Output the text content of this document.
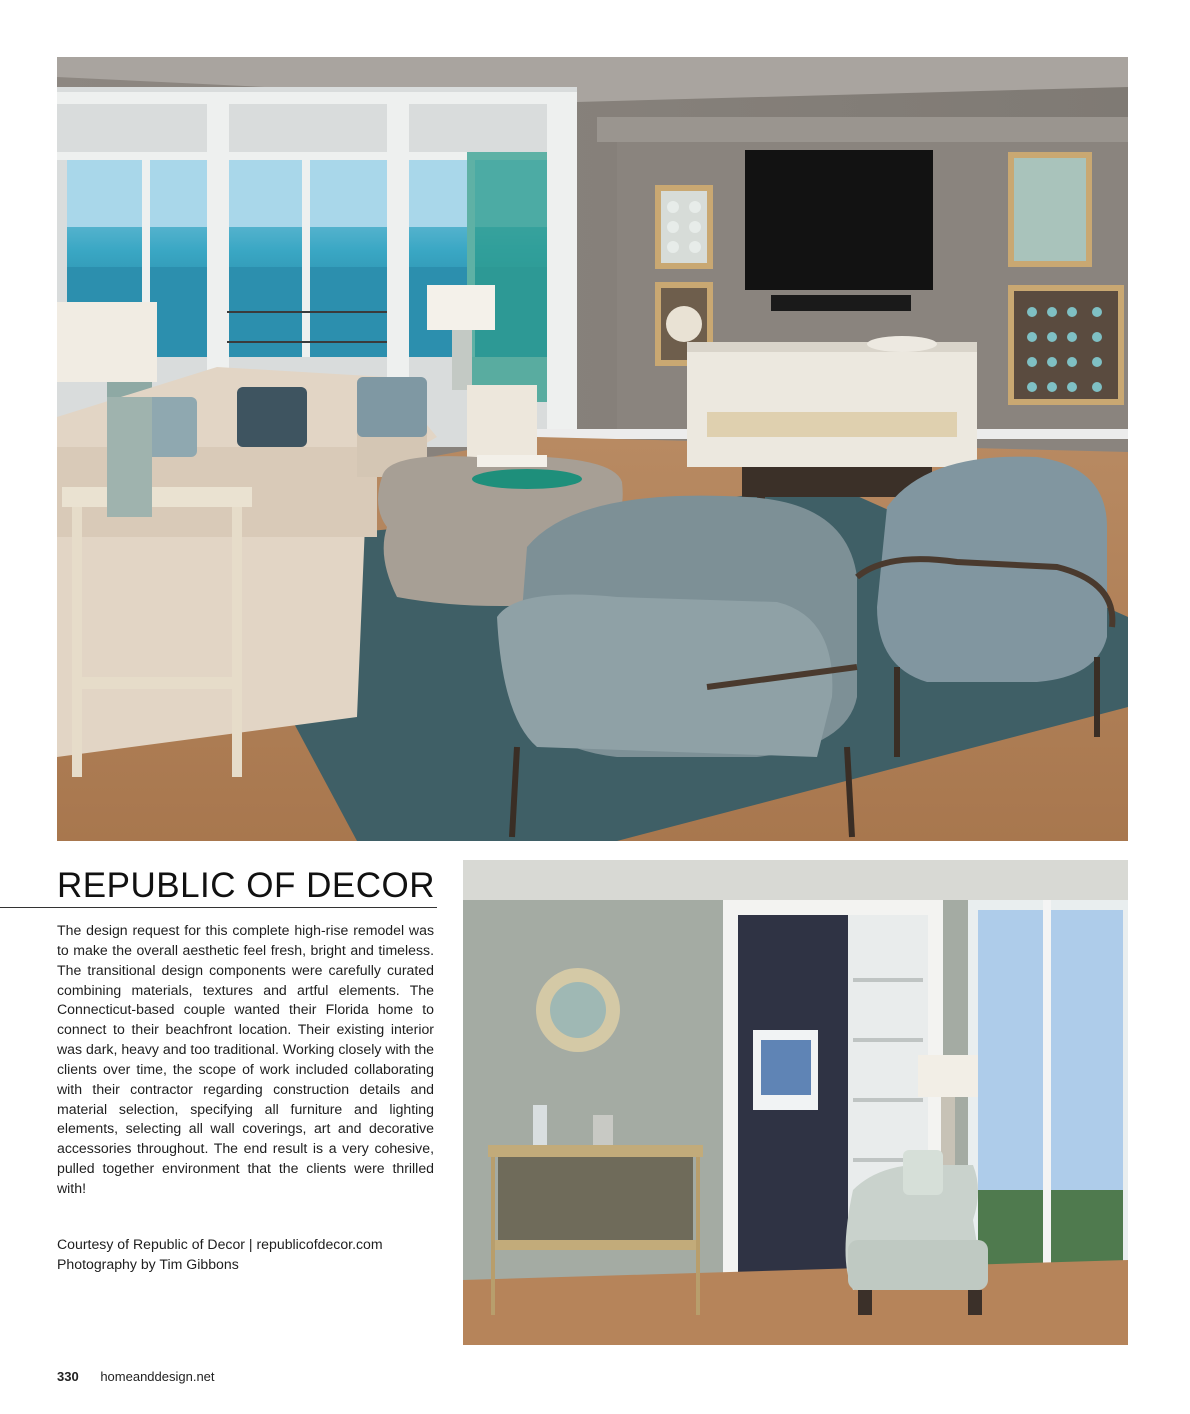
REPUBLIC OF DECOR

The design request for this complete high-rise remodel was to make the overall aesthetic feel fresh, bright and timeless. The transitional design components were carefully curated combining materials, textures and artful elements. The Connecticut-based couple wanted their Florida home to connect to their beachfront location. Their existing interior was dark, heavy and too traditional. Working closely with the clients over time, the scope of work included collaborating with their contractor regarding construction details and material selection, specifying all furniture and lighting elements, selecting all wall coverings, art and decorative accessories throughout. The end result is a very cohesive, pulled together environment that the clients were thrilled with!

Courtesy of Republic of Decor | republicofdecor.com
Photography by Tim Gibbons
330 homeanddesign.net
